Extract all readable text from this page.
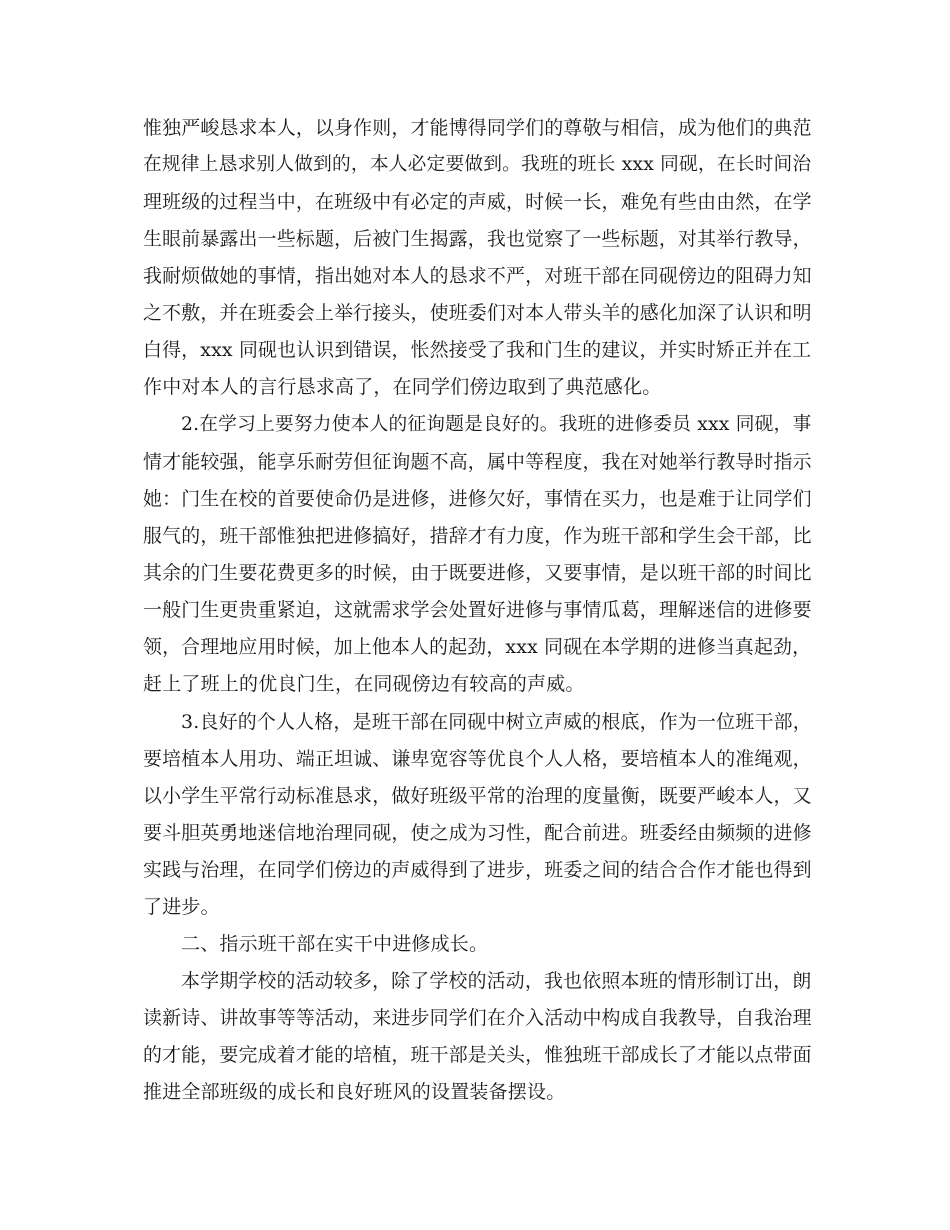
惟独严峻恳求本人，以身作则，才能博得同学们的尊敬与相信，成为他们的典范
在规律上恳求别人做到的，本人必定要做到。我班的班长 xxx 同砚，在长时间治
理班级的过程当中，在班级中有必定的声威，时候一长，难免有些由由然，在学
生眼前暴露出一些标题，后被门生揭露，我也觉察了一些标题，对其举行教导，
我耐烦做她的事情，指出她对本人的恳求不严，对班干部在同砚傍边的阻碍力知
之不敷，并在班委会上举行接头，使班委们对本人带头羊的感化加深了认识和明
白得，xxx 同砚也认识到错误，怅然接受了我和门生的建议，并实时矫正并在工
作中对本人的言行恳求高了，在同学们傍边取到了典范感化。
2.在学习上要努力使本人的征询题是良好的。我班的进修委员 xxx 同砚，事
情才能较强，能享乐耐劳但征询题不高，属中等程度，我在对她举行教导时指示
她：门生在校的首要使命仍是进修，进修欠好，事情在买力，也是难于让同学们
服气的，班干部惟独把进修搞好，措辞才有力度，作为班干部和学生会干部，比
其余的门生要花费更多的时候，由于既要进修，又要事情，是以班干部的时间比
一般门生更贵重紧迫，这就需求学会处置好进修与事情瓜葛，理解迷信的进修要
领，合理地应用时候，加上他本人的起劲，xxx 同砚在本学期的进修当真起劲，
赶上了班上的优良门生，在同砚傍边有较高的声威。
3.良好的个人人格，是班干部在同砚中树立声威的根底，作为一位班干部，
要培植本人用功、端正坦诚、谦卑宽容等优良个人人格，要培植本人的准绳观，
以小学生平常行动标准恳求，做好班级平常的治理的度量衡，既要严峻本人，又
要斗胆英勇地迷信地治理同砚，使之成为习性，配合前进。班委经由频频的进修
实践与治理，在同学们傍边的声威得到了进步，班委之间的结合合作才能也得到
了进步。
二、指示班干部在实干中进修成长。
本学期学校的活动较多，除了学校的活动，我也依照本班的情形制订出，朗
读新诗、讲故事等等活动，来进步同学们在介入活动中构成自我教导，自我治理
的才能，要完成着才能的培植，班干部是关头，惟独班干部成长了才能以点带面
推进全部班级的成长和良好班风的设置装备摆设。
